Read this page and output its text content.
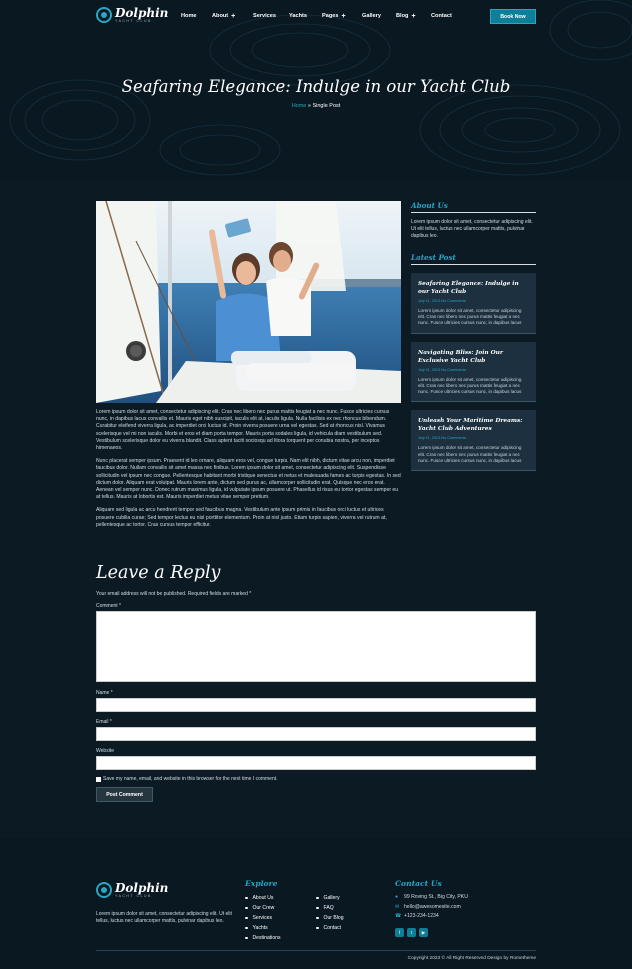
Dolphin
YACHT CLUB
Home	About +	Services Yachts	Pages +	Gallery	Blog +	Contact	Book Now
Seafaring Elegance: Indulge in our Yacht Club
Home » Single Post

Lorem ipsum dolor sit amet, consectetur adipiscing elit. Cras nec libero nec purus mattis feugiat a nec nunc. Fusce ultricies cursus nunc, in dapibus lacus convallis et. Mauris eget nibh suscipit, iaculis elit at, iaculis ligula. Nulla facilisis ex nec rhoncus bibendum. Curabitur eleifend viverra ligula, ac imperdiet orci luctus id. Proin viverra posuere urna vel egestas. Sed at rhoncus nisl. Vivamus scelerisque vel mi non iaculis. Morbi et eros et diam porta tempor. Mauris porta sodales ligula, id vehicula diam vestibulum sed. Vestibulum scelerisque dolor eu viverra blandit. Class aptent taciti sociosqu ad litora torquent per conubia nostra, per inceptos himenaeos.

Nunc placerat semper ipsum. Praesent id leo ornare, aliquam eros vel, congue turpis. Nam elit nibh, dictum vitae arcu non, imperdiet faucibus dolor. Nullam convallis sit amet massa nec finibus. Lorem ipsum dolor sit amet, consectetur adipiscing elit. Suspendisse sollicitudin vel ipsum nec congue. Pellentesque habitant morbi tristique senectus et netus et malesuada fames ac turpis egestas. In sed dictum dolor. Aliquam erat volutpat. Mauris lorem ante, dictum sed purus ac, ullamcorper sollicitudin erat. Quisque nec eros erat. Aenean vel semper nunc. Donec rutrum maximus ligula, id vulputate ipsum posuere ut. Phasellus id risus eu tortor egestas semper eu at tellus. Mauris at lobortis est. Mauris imperdiet metus vitae semper pretium.

Aliquam sed ligula ac arcu hendrerit tempor sed faucibus magna. Vestibulum ante ipsum primis in faucibus orci luctus et ultrices posuere cubilia curae; Sed tempor lectus eu nisl porttitor elementum. Proin at nisl justo. Etiam turpis sapien, viverra vel rutrum at, pellentesque ac tortor. Cras cursus tempor efficitur.

About Us
Lorem ipsum dolor sit amet, consectetur adipiscing elit. Ut elit tellus, luctus nec ullamcorper mattis, pulvinar dapibus leo.
Latest Post
Seafaring Elegance: Indulge in our Yacht Club
July 11, 2023 No Comments
Lorem ipsum dolor sit amet, consectetur adipiscing elit. Cras nec libero nec purus mattis feugiat a nec nunc. Fusce ultricies cursus nunc, in dapibus lacus
Navigating Bliss: Join Our Exclusive Yacht Club
July 11, 2023 No Comments
Lorem ipsum dolor sit amet, consectetur adipiscing elit. Cras nec libero nec purus mattis feugiat a nec nunc. Fusce ultricies cursus nunc, in dapibus lacus
Unleash Your Maritime Dreams: Yacht Club Adventures
July 11, 2023 No Comments
Lorem ipsum dolor sit amet, consectetur adipiscing elit. Cras nec libero nec purus mattis feugiat a nec nunc. Fusce ultricies cursus nunc, in dapibus lacus
Leave a Reply
Your email address will not be published. Required fields are marked *
Comment *
Name *
Email *
Website
Save my name, email, and website in this browser for the next time I comment.
Post Comment
Dolphin
YACHT CLUB
Lorem ipsum dolor sit amet, consectetur adipiscing elit. Ut elit tellus, luctus nec ullamcorper mattis, pulvinar dapibus leo.
Explore
About Us
Our Crew
Services
Yachts
Destinations
Gallery
FAQ
Our Blog
Contact
Contact Us
●	99 Roving St., Big City, PKU
✉ hello@awesomesite.com
☎ +123-234-1234
f t ▶
Copyright 2023 © All Right Reserved Design by Rometheme
